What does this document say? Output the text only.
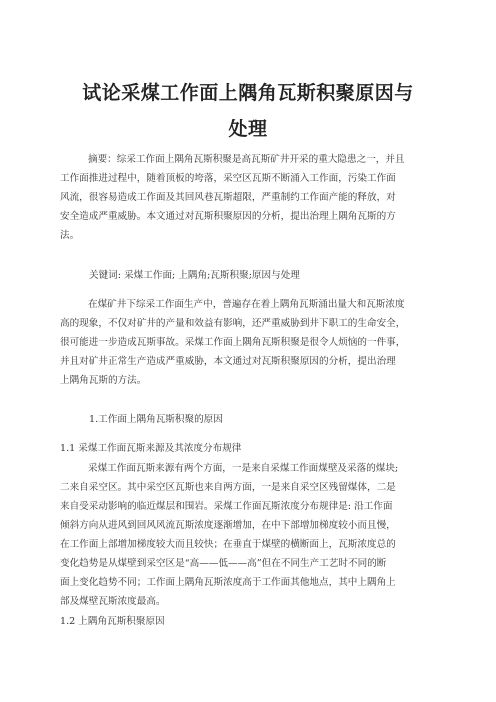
试论采煤工作面上隅角瓦斯积聚原因与
处理
摘要：综采工作面上隅角瓦斯积聚是高瓦斯矿井开采的重大隐患之一，并且
工作面推进过程中，随着顶板的垮落，采空区瓦斯不断涌入工作面，污染工作面
风流，很容易造成工作面及其回风巷瓦斯超限，严重制约工作面产能的释放，对
安全造成严重威胁。本文通过对瓦斯积聚原因的分析，提出治理上隅角瓦斯的方
法。
关键词: 采煤工作面; 上隅角;瓦斯积聚;原因与处理
在煤矿井下综采工作面生产中，普遍存在着上隅角瓦斯涌出量大和瓦斯浓度
高的现象，不仅对矿井的产量和效益有影响，还严重威胁到井下职工的生命安全，
很可能进一步造成瓦斯事故。采煤工作面上隅角瓦斯积聚是很令人烦恼的一件事，
并且对矿井正常生产造成严重威胁，本文通过对瓦斯积聚原因的分析，提出治理
上隅角瓦斯的方法。
1.工作面上隅角瓦斯积聚的原因
1.1 采煤工作面瓦斯来源及其浓度分布规律
采煤工作面瓦斯来源有两个方面，一是来自采煤工作面煤壁及采落的煤块;
二来自采空区。其中采空区瓦斯也来自两方面，一是来自采空区残留煤体，二是
来自受采动影响的临近煤层和围岩。采煤工作面瓦斯浓度分布规律是: 沿工作面
倾斜方向从进风到回风风流瓦斯浓度逐渐增加，在中下部增加梯度较小而且慢，
在工作面上部增加梯度较大而且较快；在垂直于煤壁的横断面上，瓦斯浓度总的
变化趋势是从煤壁到采空区是“高——低——高”但在不同生产工艺时不同的断
面上变化趋势不同；工作面上隅角瓦斯浓度高于工作面其他地点，其中上隅角上
部及煤壁瓦斯浓度最高。
1.2 上隅角瓦斯积聚原因
